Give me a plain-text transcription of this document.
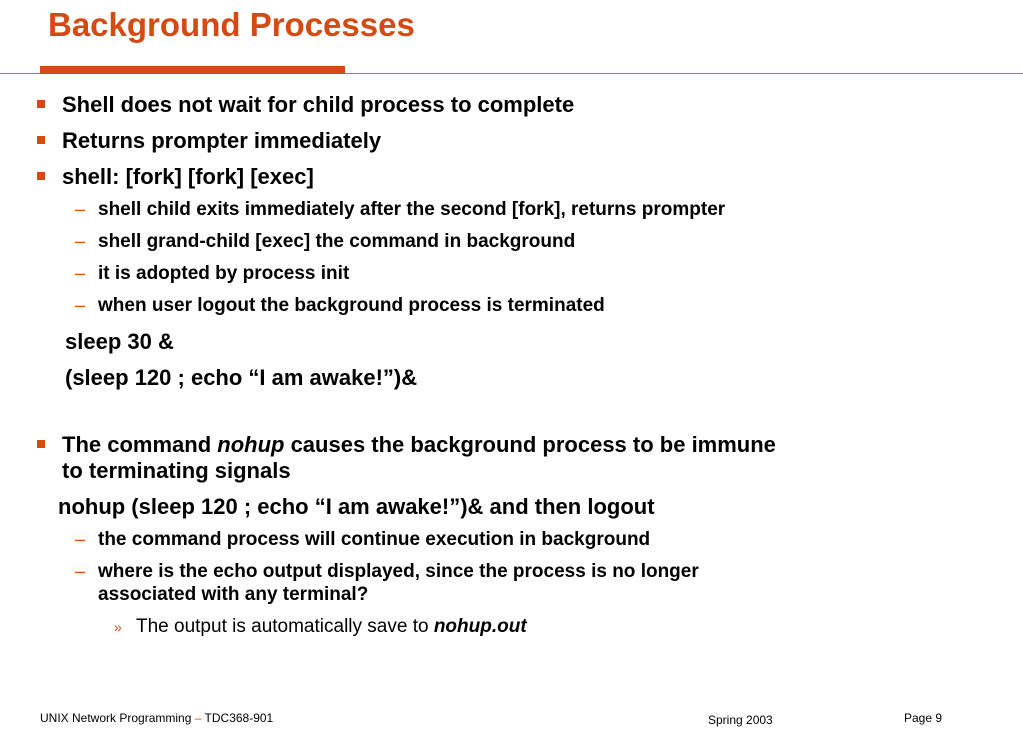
Background Processes
Shell does not wait for child process to complete
Returns prompter immediately
shell: [fork] [fork] [exec]
– shell child exits immediately after the second [fork], returns prompter
– shell grand-child [exec] the command in background
– it is adopted by process init
– when user logout the background process is terminated
sleep 30 &
(sleep 120 ; echo “I am awake!”)&
The command nohup causes the background process to be immune
to terminating signals
nohup (sleep 120 ; echo “I am awake!”)& and then logout
– the command process will continue execution in background
– where is the echo output displayed, since the process is no longer
associated with any terminal?
» The output is automatically save to nohup.out
UNIX Network Programming – TDC368-901	Spring 2003	Page 9
